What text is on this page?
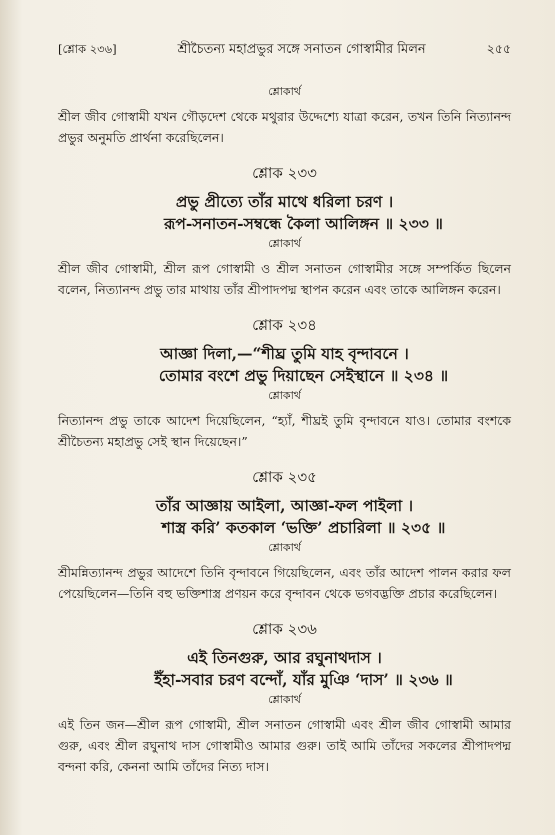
[শ্লোক ২৩৬]	শ্রীচৈতন্য মহাপ্রভুর সঙ্গে সনাতন গোস্বামীর মিলন	২৫৫
শ্লোকার্থ
শ্রীল জীব গোস্বামী যখন গৌড়দেশ থেকে মথুরার উদ্দেশ্যে যাত্রা করেন, তখন তিনি নিত্যানন্দ প্রভুর অনুমতি প্রার্থনা করেছিলেন।
শ্লোক ২৩৩
প্রভু প্রীত্যে তাঁর মাথে ধরিলা চরণ ।
রূপ-সনাতন-সম্বন্ধে কৈলা আলিঙ্গন ॥ ২৩৩ ॥
শ্লোকার্থ
শ্রীল জীব গোস্বামী, শ্রীল রূপ গোস্বামী ও শ্রীল সনাতন গোস্বামীর সঙ্গে সম্পর্কিত ছিলেন বলেন, নিত্যানন্দ প্রভু তার মাথায় তাঁর শ্রীপাদপদ্ম স্থাপন করেন এবং তাকে আলিঙ্গন করেন।
শ্লোক ২৩৪
আজ্ঞা দিলা,—“শীঘ্র তুমি যাহ বৃন্দাবনে ।
তোমার বংশে প্রভু দিয়াছেন সেইস্থানে ॥ ২৩৪ ॥
শ্লোকার্থ
নিত্যানন্দ প্রভু তাকে আদেশ দিয়েছিলেন, “হ্যাঁ, শীঘ্রই তুমি বৃন্দাবনে যাও। তোমার বংশকে শ্রীচৈতন্য মহাপ্রভু সেই স্থান দিয়েছেন।”
শ্লোক ২৩৫
তাঁর আজ্ঞায় আইলা, আজ্ঞা-ফল পাইলা ।
শাস্ত্র করি’ কতকাল ‘ভক্তি’ প্রচারিলা ॥ ২৩৫ ॥
শ্লোকার্থ
শ্রীমন্নিত্যানন্দ প্রভুর আদেশে তিনি বৃন্দাবনে গিয়েছিলেন, এবং তাঁর আদেশ পালন করার ফল পেয়েছিলেন—তিনি বহু ভক্তিশাস্ত্র প্রণয়ন করে বৃন্দাবন থেকে ভগবদ্ভক্তি প্রচার করেছিলেন।
শ্লোক ২৩৬
এই তিনগুরু, আর রঘুনাথদাস ।
ইঁহা-সবার চরণ বন্দোঁ, যাঁর মুঞি ‘দাস’ ॥ ২৩৬ ॥
শ্লোকার্থ
এই তিন জন—শ্রীল রূপ গোস্বামী, শ্রীল সনাতন গোস্বামী এবং শ্রীল জীব গোস্বামী আমার গুরু, এবং শ্রীল রঘুনাথ দাস গোস্বামীও আমার গুরু। তাই আমি তাঁদের সকলের শ্রীপাদপদ্ম বন্দনা করি, কেননা আমি তাঁদের নিত্য দাস।
